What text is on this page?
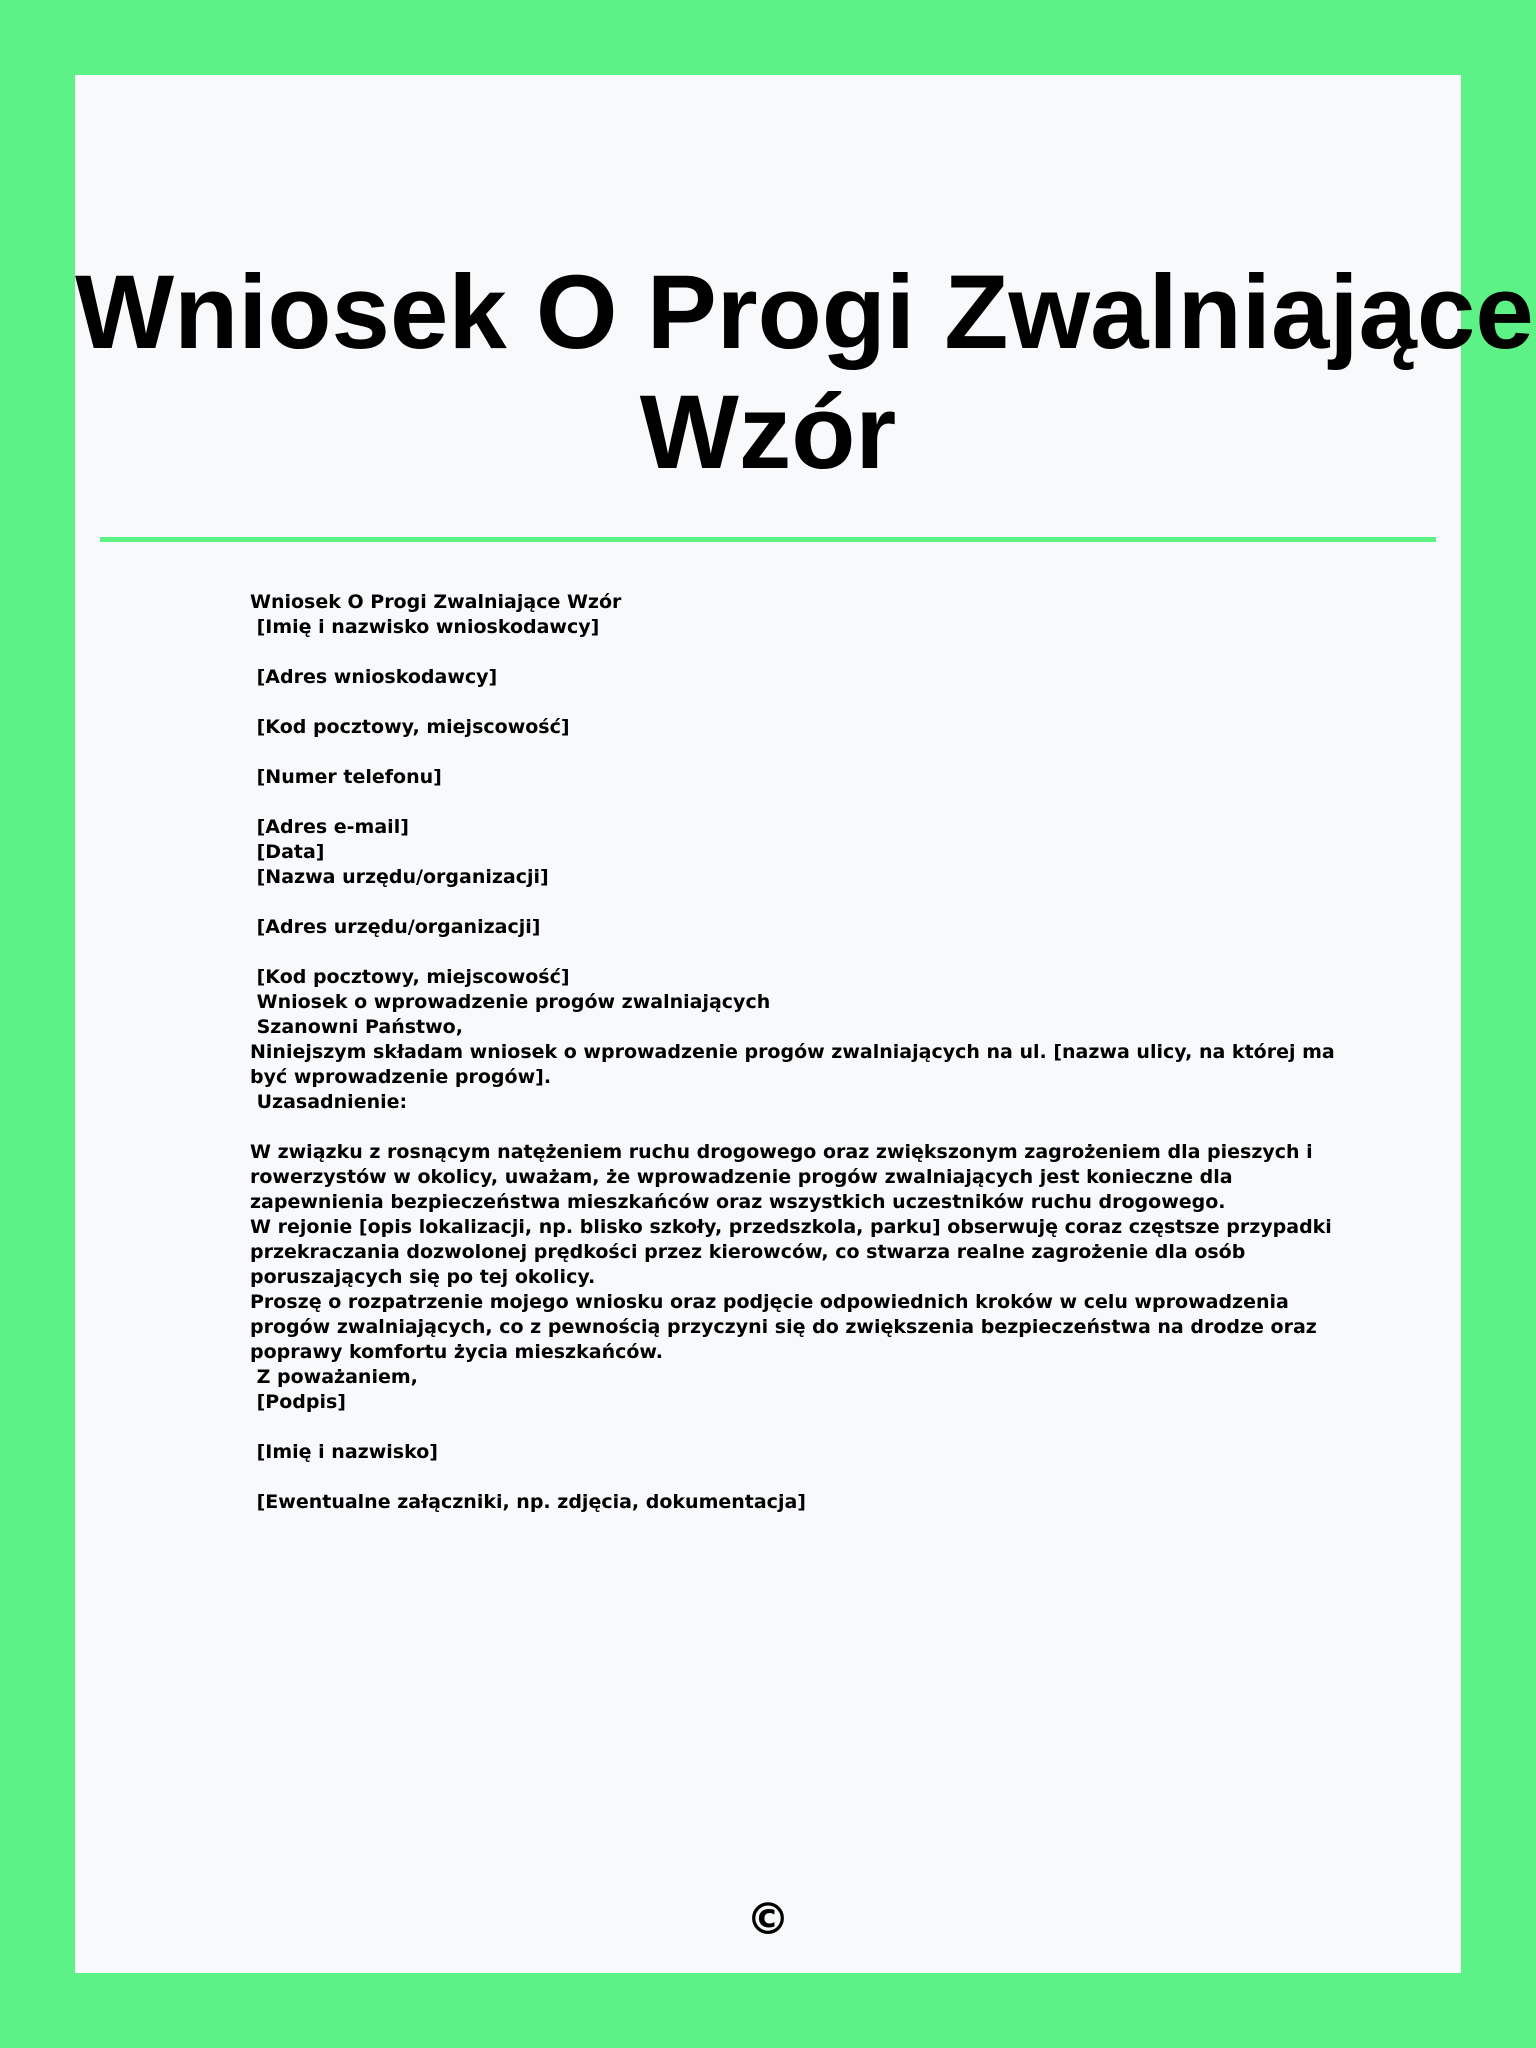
Wniosek O Progi Zwalniające
Wzór
Wniosek O Progi Zwalniające Wzór
[Imię i nazwisko wnioskodawcy]
[Adres wnioskodawcy]
[Kod pocztowy, miejscowość]
[Numer telefonu]
[Adres e-mail]
[Data]
[Nazwa urzędu/organizacji]
[Adres urzędu/organizacji]
[Kod pocztowy, miejscowość]
Wniosek o wprowadzenie progów zwalniających
Szanowni Państwo,
Niniejszym składam wniosek o wprowadzenie progów zwalniających na ul. [nazwa ulicy, na której ma być wprowadzenie progów].
Uzasadnienie:
W związku z rosnącym natężeniem ruchu drogowego oraz zwiększonym zagrożeniem dla pieszych i rowerzystów w okolicy, uważam, że wprowadzenie progów zwalniających jest konieczne dla zapewnienia bezpieczeństwa mieszkańców oraz wszystkich uczestników ruchu drogowego.
W rejonie [opis lokalizacji, np. blisko szkoły, przedszkola, parku] obserwuję coraz częstsze przypadki przekraczania dozwolonej prędkości przez kierowców, co stwarza realne zagrożenie dla osób poruszających się po tej okolicy.
Proszę o rozpatrzenie mojego wniosku oraz podjęcie odpowiednich kroków w celu wprowadzenia progów zwalniających, co z pewnością przyczyni się do zwiększenia bezpieczeństwa na drodze oraz poprawy komfortu życia mieszkańców.
Z poważaniem,
[Podpis]
[Imię i nazwisko]
[Ewentualne załączniki, np. zdjęcia, dokumentacja]
©
